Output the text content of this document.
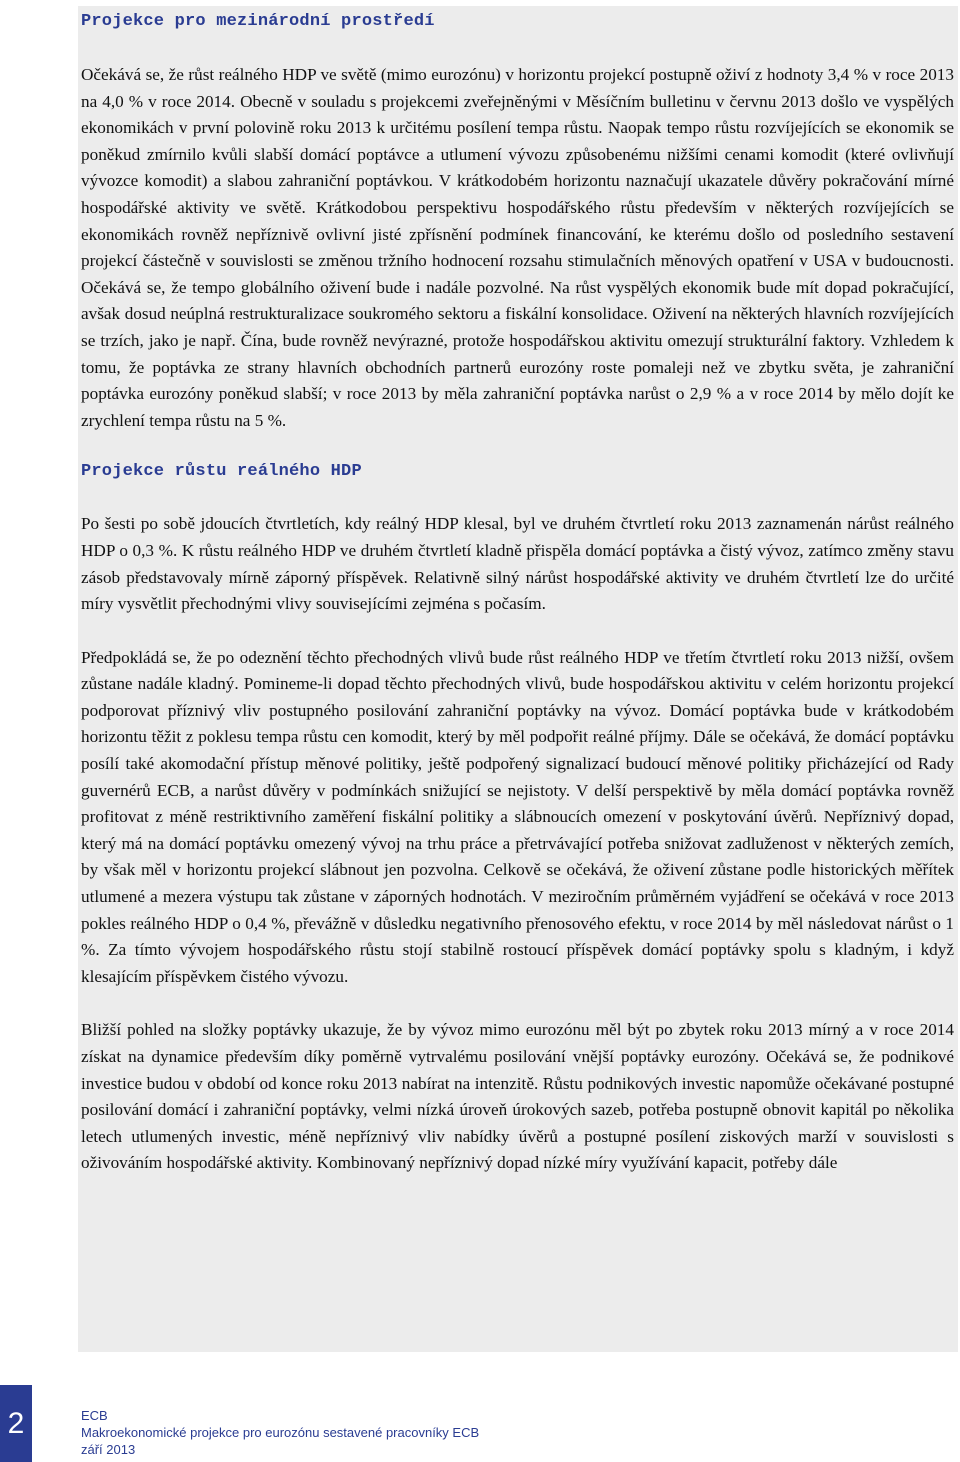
Projekce pro mezinárodní prostředí

Očekává se, že růst reálného HDP ve světě (mimo eurozónu) v horizontu projekcí postupně oživí z hodnoty 3,4 % v roce 2013 na 4,0 % v roce 2014. Obecně v souladu s projekcemi zveřejněnými v Měsíčním bulletinu v červnu 2013 došlo ve vyspělých ekonomikách v první polovině roku 2013 k určitému posílení tempa růstu. Naopak tempo růstu rozvíjejících se ekonomik se poněkud zmírnilo kvůli slabší domácí poptávce a utlumení vývozu způsobenému nižšími cenami komodit (které ovlivňují vývozce komodit) a slabou zahraniční poptávkou. V krátkodobém horizontu naznačují ukazatele důvěry pokračování mírné hospodářské aktivity ve světě. Krátkodobou perspektivu hospodářského růstu především v některých rozvíjejících se ekonomikách rovněž nepříznivě ovlivní jisté zpřísnění podmínek financování, ke kterému došlo od posledního sestavení projekcí částečně v souvislosti se změnou tržního hodnocení rozsahu stimulačních měnových opatření v USA v budoucnosti. Očekává se, že tempo globálního oživení bude i nadále pozvolné. Na růst vyspělých ekonomik bude mít dopad pokračující, avšak dosud neúplná restrukturalizace soukromého sektoru a fiskální konsolidace. Oživení na některých hlavních rozvíjejících se trzích, jako je např. Čína, bude rovněž nevýrazné, protože hospodářskou aktivitu omezují strukturální faktory. Vzhledem k tomu, že poptávka ze strany hlavních obchodních partnerů eurozóny roste pomaleji než ve zbytku světa, je zahraniční poptávka eurozóny poněkud slabší; v roce 2013 by měla zahraniční poptávka narůst o 2,9 % a v roce 2014 by mělo dojít ke zrychlení tempa růstu na 5 %.

Projekce růstu reálného HDP

Po šesti po sobě jdoucích čtvrtletích, kdy reálný HDP klesal, byl ve druhém čtvrtletí roku 2013 zaznamenán nárůst reálného HDP o 0,3 %. K růstu reálného HDP ve druhém čtvrtletí kladně přispěla domácí poptávka a čistý vývoz, zatímco změny stavu zásob představovaly mírně záporný příspěvek. Relativně silný nárůst hospodářské aktivity ve druhém čtvrtletí lze do určité míry vysvětlit přechodnými vlivy souvisejícími zejména s počasím.

Předpokládá se, že po odeznění těchto přechodných vlivů bude růst reálného HDP ve třetím čtvrtletí roku 2013 nižší, ovšem zůstane nadále kladný. Pomineme-li dopad těchto přechodných vlivů, bude hospodářskou aktivitu v celém horizontu projekcí podporovat příznivý vliv postupného posilování zahraniční poptávky na vývoz. Domácí poptávka bude v krátkodobém horizontu těžit z poklesu tempa růstu cen komodit, který by měl podpořit reálné příjmy. Dále se očekává, že domácí poptávku posílí také akomodační přístup měnové politiky, ještě podpořený signalizací budoucí měnové politiky přicházející od Rady guvernérů ECB, a narůst důvěry v podmínkách snižující se nejistoty. V delší perspektivě by měla domácí poptávka rovněž profitovat z méně restriktivního zaměření fiskální politiky a slábnoucích omezení v poskytování úvěrů. Nepříznivý dopad, který má na domácí poptávku omezený vývoj na trhu práce a přetrvávající potřeba snižovat zadluženost v některých zemích, by však měl v horizontu projekcí slábnout jen pozvolna. Celkově se očekává, že oživení zůstane podle historických měřítek utlumené a mezera výstupu tak zůstane v záporných hodnotách. V meziročním průměrném vyjádření se očekává v roce 2013 pokles reálného HDP o 0,4 %, převážně v důsledku negativního přenosového efektu, v roce 2014 by měl následovat nárůst o 1 %. Za tímto vývojem hospodářského růstu stojí stabilně rostoucí příspěvek domácí poptávky spolu s kladným, i když klesajícím příspěvkem čistého vývozu.

Bližší pohled na složky poptávky ukazuje, že by vývoz mimo eurozónu měl být po zbytek roku 2013 mírný a v roce 2014 získat na dynamice především díky poměrně vytrvalému posilování vnější poptávky eurozóny. Očekává se, že podnikové investice budou v období od konce roku 2013 nabírat na intenzitě. Růstu podnikových investic napomůže očekávané postupné posilování domácí i zahraniční poptávky, velmi nízká úroveň úrokových sazeb, potřeba postupně obnovit kapitál po několika letech utlumených investic, méně nepříznivý vliv nabídky úvěrů a postupné posílení ziskových marží v souvislosti s oživováním hospodářské aktivity. Kombinovaný nepříznivý dopad nízké míry využívání kapacit, potřeby dále

2	ECB
Makroekonomické projekce pro eurozónu sestavené pracovníky ECB
září 2013
